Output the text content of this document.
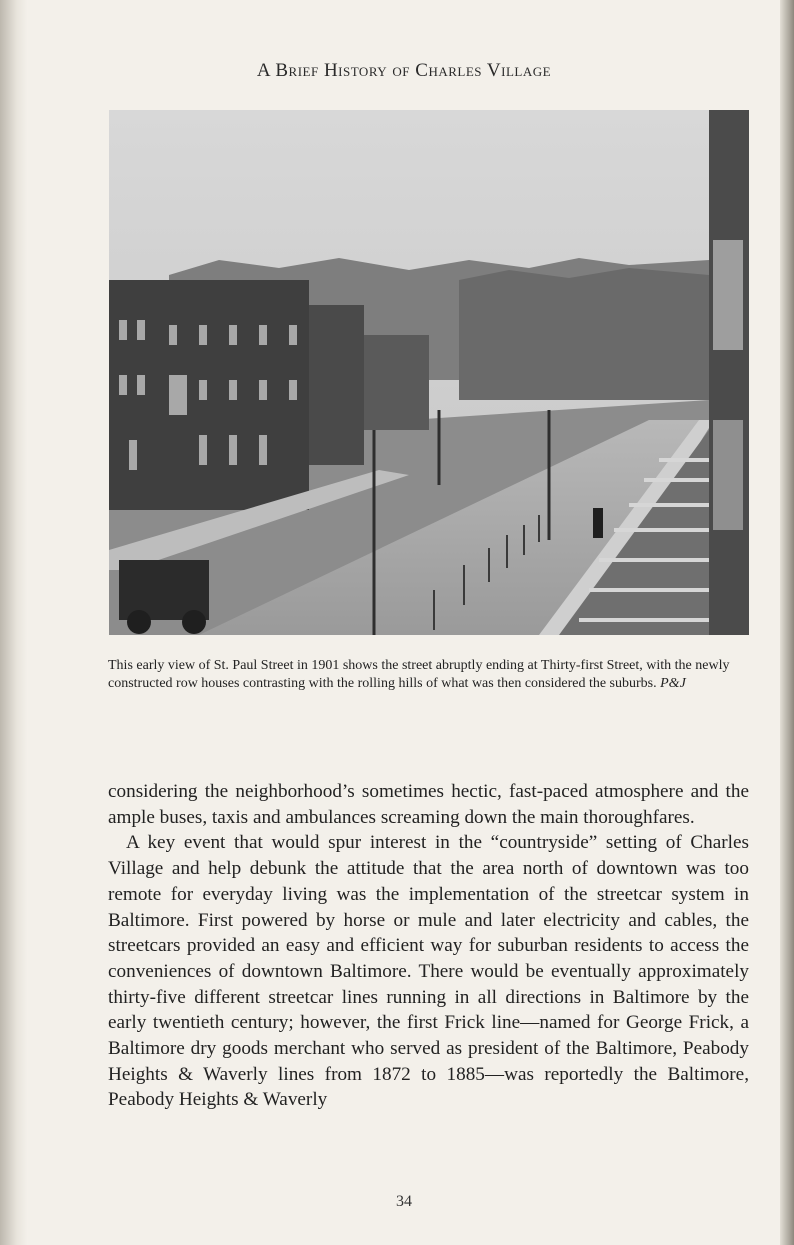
A Brief History of Charles Village
This early view of St. Paul Street in 1901 shows the street abruptly ending at Thirty-first Street, with the newly constructed row houses contrasting with the rolling hills of what was then considered the suburbs. P&J

considering the neighborhood’s sometimes hectic, fast-paced atmosphere and the ample buses, taxis and ambulances screaming down the main thoroughfares.

A key event that would spur interest in the “countryside” setting of Charles Village and help debunk the attitude that the area north of downtown was too remote for everyday living was the implementation of the streetcar system in Baltimore. First powered by horse or mule and later electricity and cables, the streetcars provided an easy and efficient way for suburban residents to access the conveniences of downtown Baltimore. There would be eventually approximately thirty-five different streetcar lines running in all directions in Baltimore by the early twentieth century; however, the first Frick line—named for George Frick, a Baltimore dry goods merchant who served as president of the Baltimore, Peabody Heights & Waverly lines from 1872 to 1885—was reportedly the Baltimore, Peabody Heights & Waverly

34
